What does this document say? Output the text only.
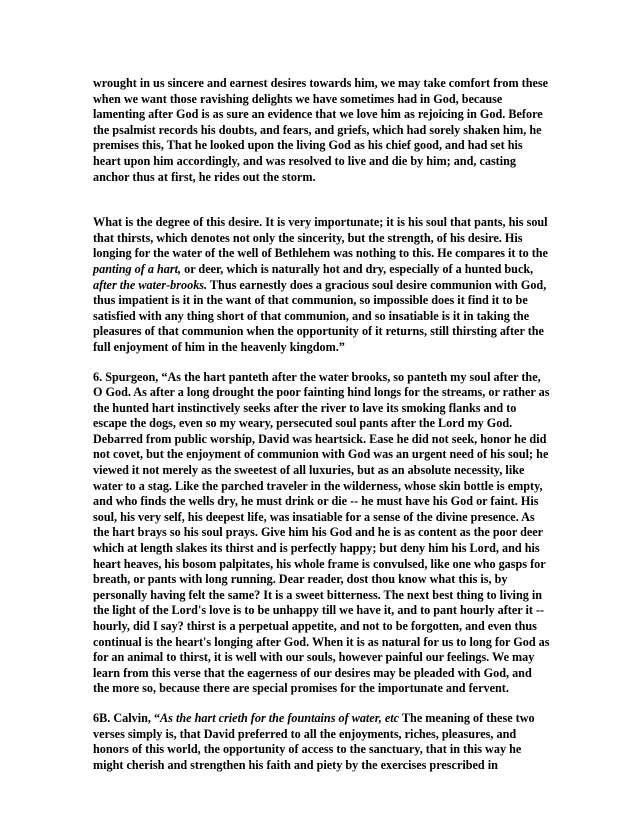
wrought in us sincere and earnest desires towards him, we may take comfort from these when we want those ravishing delights we have sometimes had in God, because lamenting after God is as sure an evidence that we love him as rejoicing in God. Before the psalmist records his doubts, and fears, and griefs, which had sorely shaken him, he premises this, That he looked upon the living God as his chief good, and had set his heart upon him accordingly, and was resolved to live and die by him; and, casting anchor thus at first, he rides out the storm.

What is the degree of this desire. It is very importunate; it is his soul that pants, his soul that thirsts, which denotes not only the sincerity, but the strength, of his desire. His longing for the water of the well of Bethlehem was nothing to this. He compares it to the panting of a hart, or deer, which is naturally hot and dry, especially of a hunted buck, after the water-brooks. Thus earnestly does a gracious soul desire communion with God, thus impatient is it in the want of that communion, so impossible does it find it to be satisfied with any thing short of that communion, and so insatiable is it in taking the pleasures of that communion when the opportunity of it returns, still thirsting after the full enjoyment of him in the heavenly kingdom.”

6. Spurgeon, “As the hart panteth after the water brooks, so panteth my soul after the, O God. As after a long drought the poor fainting hind longs for the streams, or rather as the hunted hart instinctively seeks after the river to lave its smoking flanks and to escape the dogs, even so my weary, persecuted soul pants after the Lord my God. Debarred from public worship, David was heartsick. Ease he did not seek, honor he did not covet, but the enjoyment of communion with God was an urgent need of his soul; he viewed it not merely as the sweetest of all luxuries, but as an absolute necessity, like water to a stag. Like the parched traveler in the wilderness, whose skin bottle is empty, and who finds the wells dry, he must drink or die -- he must have his God or faint. His soul, his very self, his deepest life, was insatiable for a sense of the divine presence. As the hart brays so his soul prays. Give him his God and he is as content as the poor deer which at length slakes its thirst and is perfectly happy; but deny him his Lord, and his heart heaves, his bosom palpitates, his whole frame is convulsed, like one who gasps for breath, or pants with long running. Dear reader, dost thou know what this is, by personally having felt the same? It is a sweet bitterness. The next best thing to living in the light of the Lord's love is to be unhappy till we have it, and to pant hourly after it -- hourly, did I say? thirst is a perpetual appetite, and not to be forgotten, and even thus continual is the heart's longing after God. When it is as natural for us to long for God as for an animal to thirst, it is well with our souls, however painful our feelings. We may learn from this verse that the eagerness of our desires may be pleaded with God, and the more so, because there are special promises for the importunate and fervent.

6B. Calvin, “As the hart crieth for the fountains of water, etc The meaning of these two verses simply is, that David preferred to all the enjoyments, riches, pleasures, and honors of this world, the opportunity of access to the sanctuary, that in this way he might cherish and strengthen his faith and piety by the exercises prescribed in
